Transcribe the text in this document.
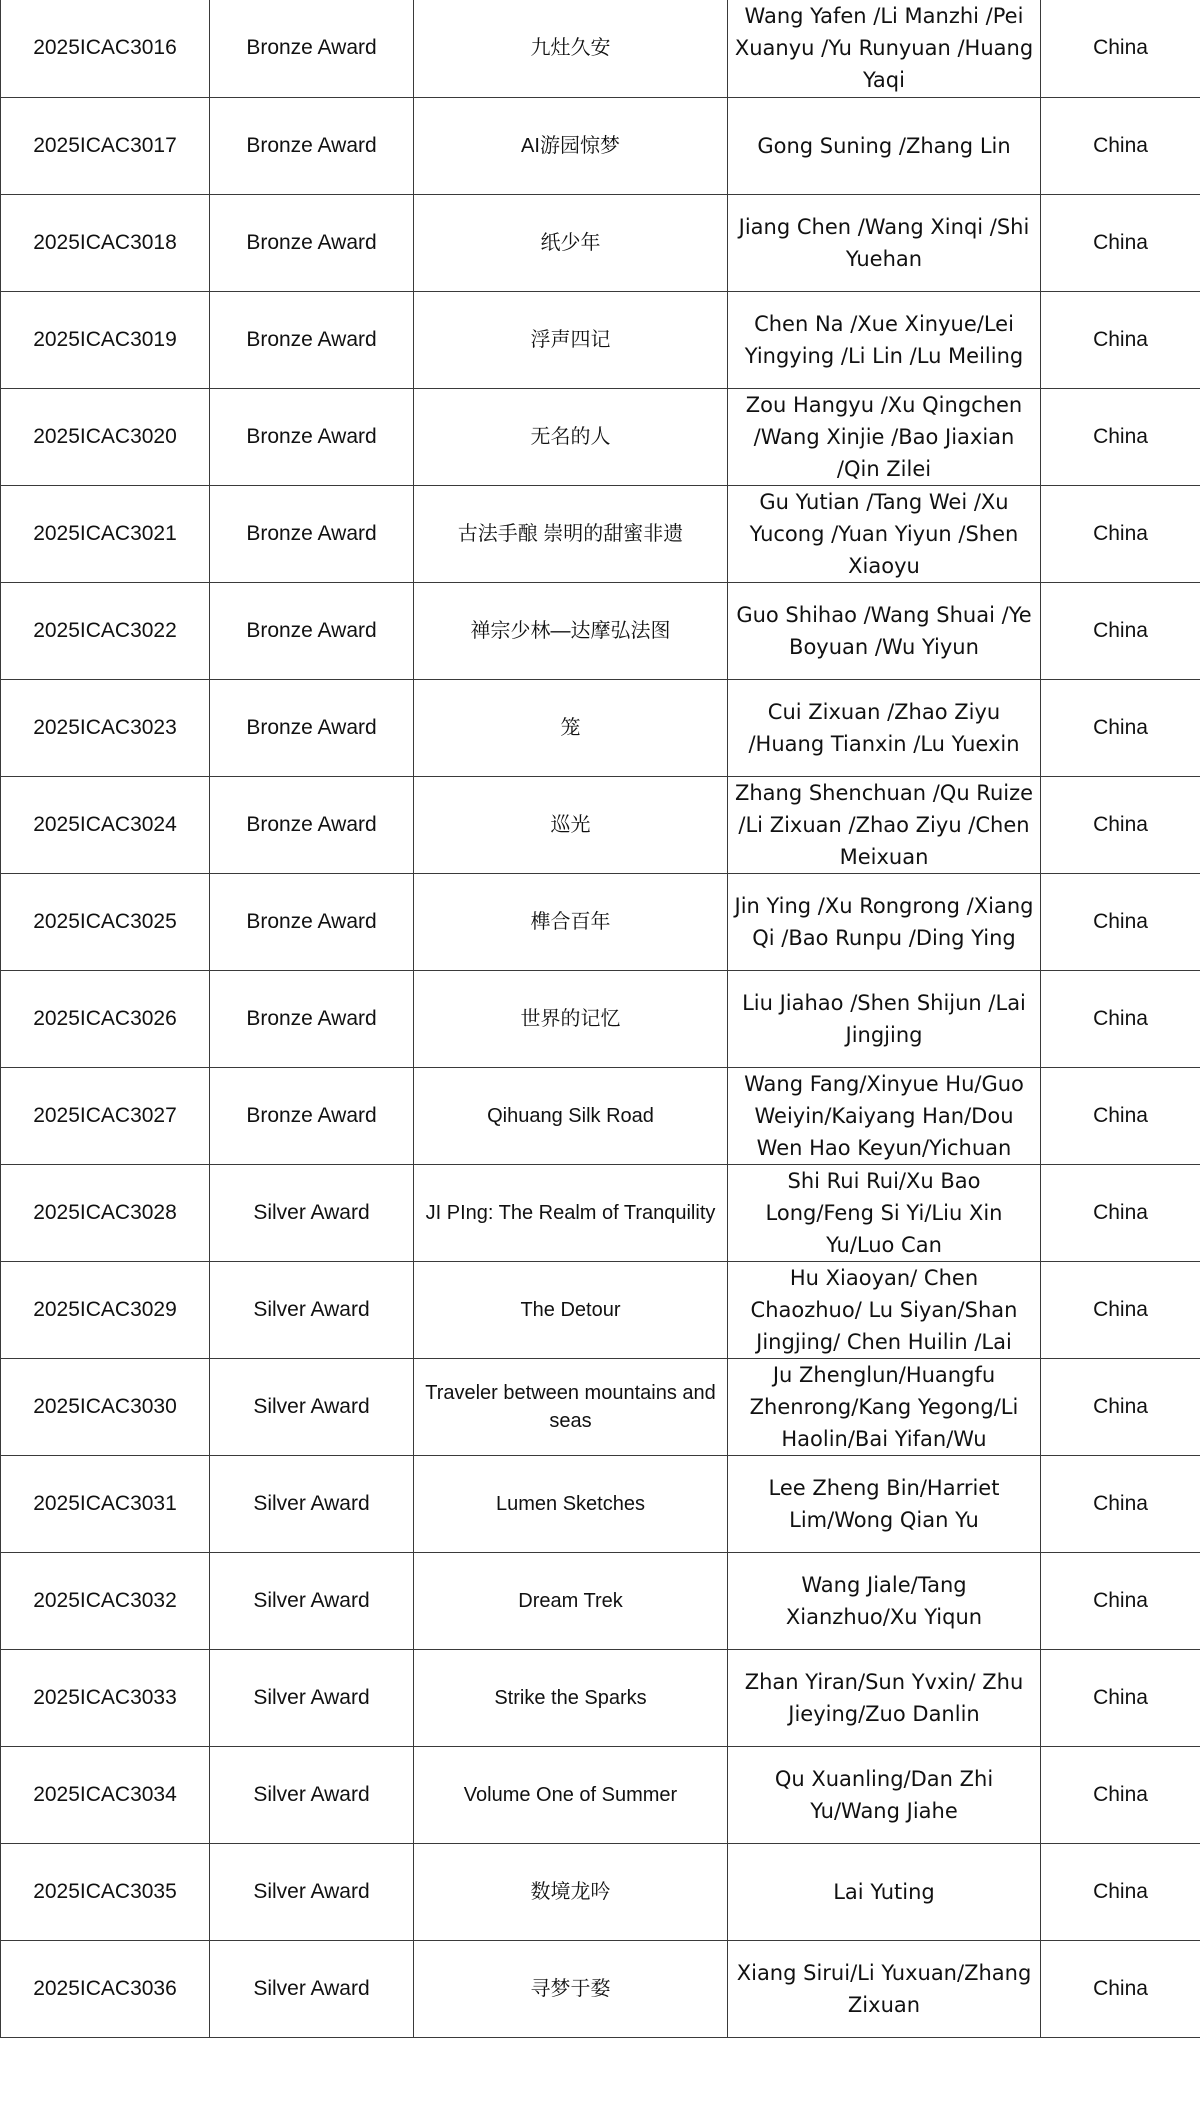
2025ICAC3016	Bronze Award	九灶久安	Wang Yafen /Li Manzhi /Pei Xuanyu /Yu Runyuan /Huang Yaqi	China
2025ICAC3017	Bronze Award	AI游园惊梦	Gong Suning /Zhang Lin	China
2025ICAC3018	Bronze Award	纸少年	Jiang Chen /Wang Xinqi /Shi Yuehan	China
2025ICAC3019	Bronze Award	浮声四记	Chen Na /Xue Xinyue/Lei Yingying /Li Lin /Lu Meiling	China
2025ICAC3020	Bronze Award	无名的人	Zou Hangyu /Xu Qingchen /Wang Xinjie /Bao Jiaxian /Qin Zilei	China
2025ICAC3021	Bronze Award	古法手酿 崇明的甜蜜非遗	Gu Yutian /Tang Wei /Xu Yucong /Yuan Yiyun /Shen Xiaoyu	China
2025ICAC3022	Bronze Award	禅宗少林—达摩弘法图	Guo Shihao /Wang Shuai /Ye Boyuan /Wu Yiyun	China
2025ICAC3023	Bronze Award	笼	Cui Zixuan /Zhao Ziyu /Huang Tianxin /Lu Yuexin	China
2025ICAC3024	Bronze Award	巡光	Zhang Shenchuan /Qu Ruize /Li Zixuan /Zhao Ziyu /Chen Meixuan	China
2025ICAC3025	Bronze Award	榫合百年	Jin Ying /Xu Rongrong /Xiang Qi /Bao Runpu /Ding Ying	China
2025ICAC3026	Bronze Award	世界的记忆	Liu Jiahao /Shen Shijun /Lai Jingjing	China
2025ICAC3027	Bronze Award	Qihuang Silk Road	Wang Fang/Xinyue Hu/Guo Weiyin/Kaiyang Han/Dou Wen Hao Keyun/Yichuan	China
2025ICAC3028	Silver Award	JI PIng: The Realm of Tranquility	Shi Rui Rui/Xu Bao Long/Feng Si Yi/Liu Xin Yu/Luo Can	China
2025ICAC3029	Silver Award	The Detour	Hu Xiaoyan/ Chen Chaozhuo/ Lu Siyan/Shan Jingjing/ Chen Huilin /Lai	China
2025ICAC3030	Silver Award	Traveler between mountains and seas	Ju Zhenglun/Huangfu Zhenrong/Kang Yegong/Li Haolin/Bai Yifan/Wu	China
2025ICAC3031	Silver Award	Lumen Sketches	Lee Zheng Bin/Harriet Lim/Wong Qian Yu	China
2025ICAC3032	Silver Award	Dream Trek	Wang Jiale/Tang Xianzhuo/Xu Yiqun	China
2025ICAC3033	Silver Award	Strike the Sparks	Zhan Yiran/Sun Yvxin/ Zhu Jieying/Zuo Danlin	China
2025ICAC3034	Silver Award	Volume One of Summer	Qu Xuanling/Dan Zhi Yu/Wang Jiahe	China
2025ICAC3035	Silver Award	数境龙吟	Lai Yuting	China
2025ICAC3036	Silver Award	寻梦于婺	Xiang Sirui/Li Yuxuan/Zhang Zixuan	China
